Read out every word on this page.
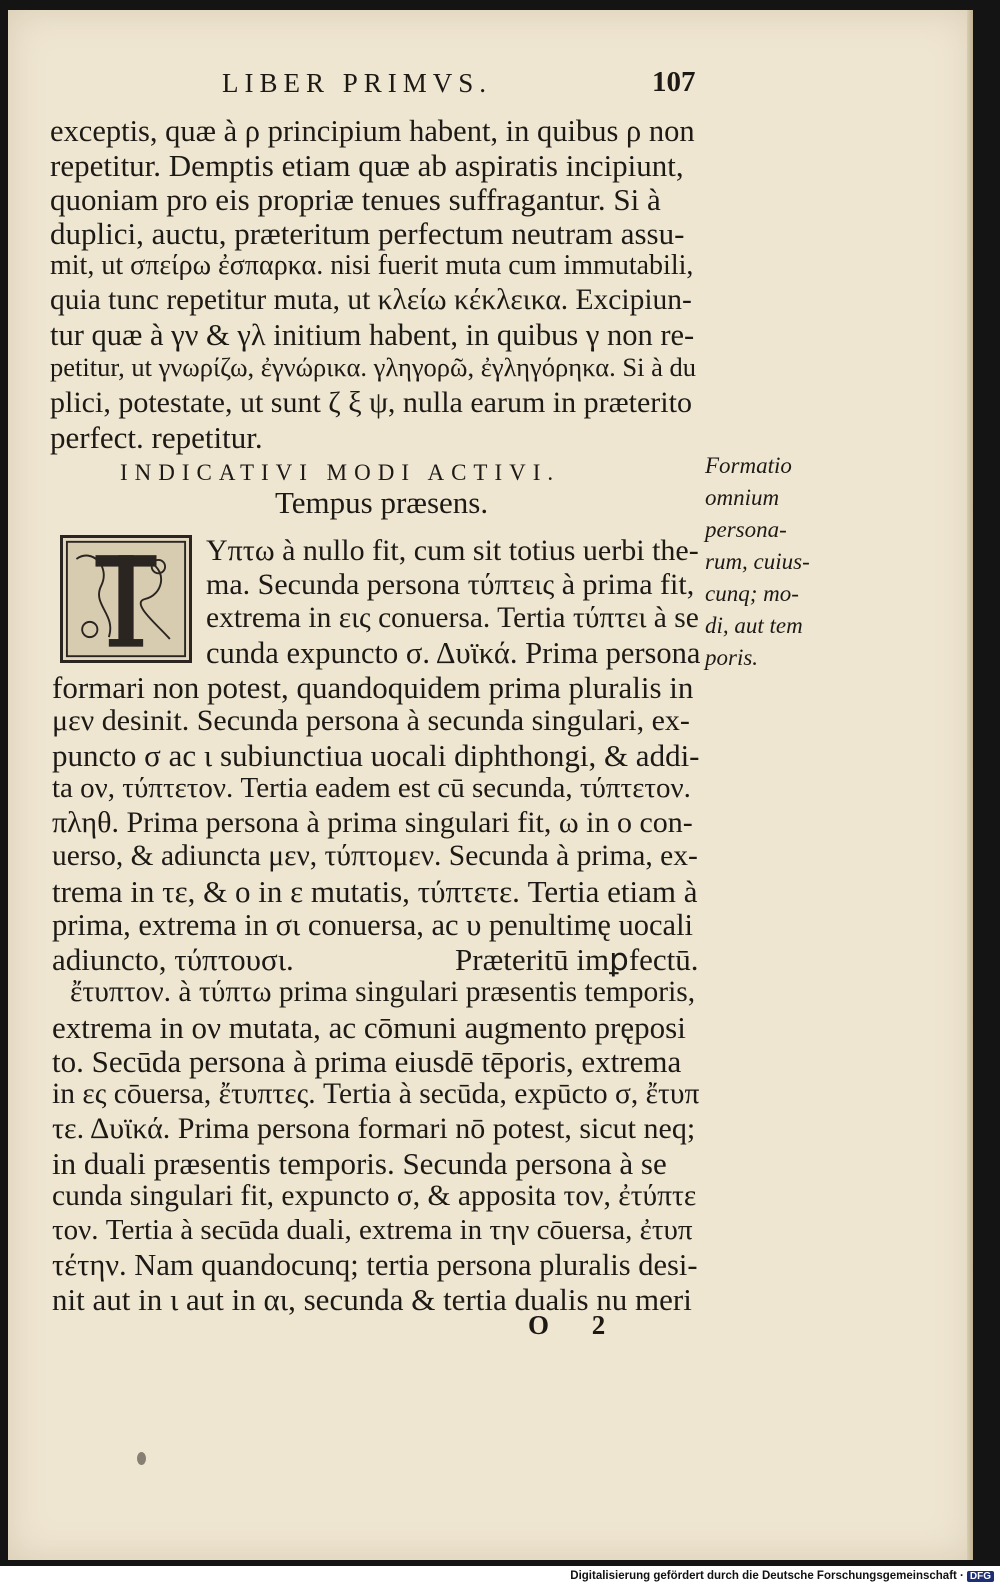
LIBER PRIMVS.	107
exceptis, quæ à ρ principium habent, in quibus ρ non
repetitur. Demptis etiam quæ ab aspiratis incipiunt,
quoniam pro eis propriæ tenues suffragantur. Si à
duplici, auctu, præteritum perfectum neutram assu-
mit, ut σπείρω ἐσπαρκα. nisi fuerit muta cum immutabili,
quia tunc repetitur muta, ut κλείω κέκλεικα. Excipiun-
tur quæ à γν & γλ initium habent, in quibus γ non re-
petitur, ut γνωρίζω, ἐγνώρικα. γληγορῶ, ἐγληγόρηκα. Si à du
plici, potestate, ut sunt ζ ξ ψ, nulla earum in præterito
perfect. repetitur.
INDICATIVI MODI ACTIVI.
Tempus præsens.
Formatio
omnium
persona-
rum, cuius-
cunq; mo-
di, aut tem
poris.
Υπτω à nullo fit, cum sit totius uerbi the-
ma. Secunda persona τύπτεις à prima fit,
extrema in εις conuersa. Tertia τύπτει à se
cunda expuncto σ. Δυϊκά. Prima persona
formari non potest, quandoquidem prima pluralis in
μεν desinit. Secunda persona à secunda singulari, ex-
puncto σ ac ι subiunctiua uocali diphthongi, & addi-
ta ον, τύπτετον. Tertia eadem est cū secunda, τύπτετον.
πληθ. Prima persona à prima singulari fit, ω in ο con-
uerso, & adiuncta μεν, τύπτομεν. Secunda à prima, ex-
trema in τε, & ο in ε mutatis, τύπτετε. Tertia etiam à
prima, extrema in σι conuersa, ac υ penultimę uocali
adiuncto, τύπτουσι.	Præteritū imꝑfectū.
ἔτυπτον. à τύπτω prima singulari præsentis temporis,
extrema in ον mutata, ac cōmuni augmento pręposi
to. Secūda persona à prima eiusdē tēporis, extrema
in ες cōuersa, ἔτυπτες. Tertia à secūda, expūcto σ, ἔτυπ
τε. Δυϊκά. Prima persona formari nō potest, sicut neq;
in duali præsentis temporis. Secunda persona à se
cunda singulari fit, expuncto σ, & apposita τον, ἐτύπτε
τον. Tertia à secūda duali, extrema in την cōuersa, ἐτυπ
τέτην. Nam quandocunq; tertia persona pluralis desi-
nit aut in ι aut in αι, secunda & tertia dualis nu meri
O 2
Digitalisierung gefördert durch die Deutsche Forschungsgemeinschaft · DFG
